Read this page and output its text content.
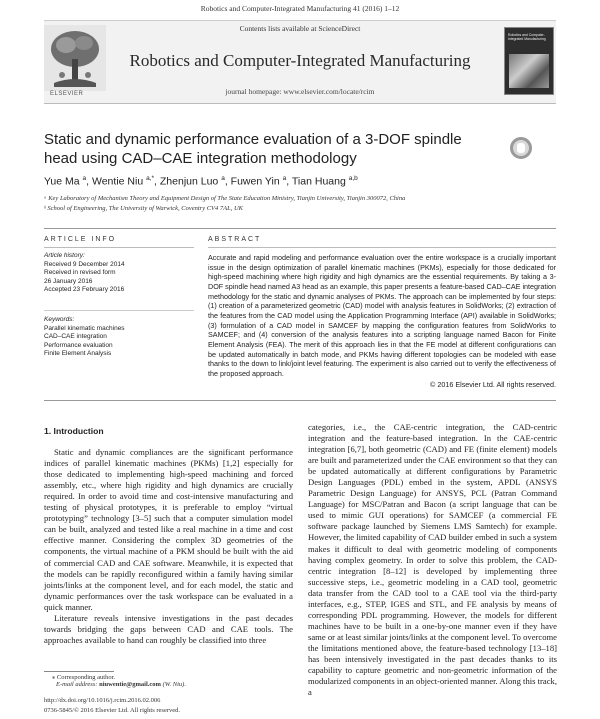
Robotics and Computer-Integrated Manufacturing 41 (2016) 1–12
ELSEVIER
Contents lists available at ScienceDirect
Robotics and Computer-Integrated Manufacturing
journal homepage: www.elsevier.com/locate/rcim
Robotics and Computer-Integrated Manufacturing
Static and dynamic performance evaluation of a 3-DOF spindle head using CAD–CAE integration methodology
Yue Ma $^a$, Wentie Niu $^{a,*}$, Zhenjun Luo $^a$, Fuwen Yin $^a$, Tian Huang $^{a,b}$
ᵃ Key Laboratory of Mechanism Theory and Equipment Design of The State Education Ministry, Tianjin University, Tianjin 300072, China
ᵇ School of Engineering, The University of Warwick, Coventry CV4 7AL, UK
ARTICLE INFO	ABSTRACT
Article history:
Received 9 December 2014
Received in revised form
26 January 2016
Accepted 23 February 2016
Keywords:
Parallel kinematic machines
CAD–CAE integration
Performance evaluation
Finite Element Analysis
Accurate and rapid modeling and performance evaluation over the entire workspace is a crucially important issue in the design optimization of parallel kinematic machines (PKMs), especially for those dedicated for high-speed machining where high rigidity and high dynamics are the essential requirements. By taking a 3-DOF spindle head named A3 head as an example, this paper presents a feature-based CAD–CAE integration methodology for the static and dynamic analyses of PKMs. The approach can be implemented by four steps: (1) creation of a parameterized geometric (CAD) model with analysis features in SolidWorks; (2) extraction of the features from the CAD model using the Application Programming Interface (API) available in SolidWorks; (3) formulation of a CAD model in SAMCEF by mapping the configuration features from SolidWorks to SAMCEF; and (4) conversion of the analysis features into a scripting language named Bacon for Finite Element Analysis (FEA). The merit of this approach lies in that the FE model at different configurations can be updated automatically in batch mode, and PKMs having different topologies can be modeled with ease thanks to the down to link/joint level featuring. The experiment is also carried out to verify the effectiveness of the proposed approach.
© 2016 Elsevier Ltd. All rights reserved.
1. Introduction

Static and dynamic compliances are the significant performance indices of parallel kinematic machines (PKMs) [1,2] especially for those dedicated to implementing high-speed machining and forced assembly, etc., where high rigidity and high dynamics are crucially required. In order to avoid time and cost-intensive manufacturing and testing of physical prototypes, it is preferable to employ “virtual prototyping” technology [3–5] such that a computer simulation model can be built, analyzed and tested like a real machine in a time and cost effective manner. Considering the complex 3D geometries of the components, the virtual machine of a PKM should be built with the aid of commercial CAD and CAE software. Meanwhile, it is expected that the models can be rapidly reconfigured within a family having similar joints/links at the component level, and for each model, the static and dynamic performances over the task workspace can be evaluated in a quick manner.

Literature reveals intensive investigations in the past decades towards bridging the gaps between CAD and CAE tools. The approaches available to hand can roughly be classified into three

categories, i.e., the CAE-centric integration, the CAD-centric integration and the feature-based integration. In the CAE-centric integration [6,7], both geometric (CAD) and FE (finite element) models are built and parameterized under the CAE environment so that they can be updated automatically at different configurations by Parametric Design Languages (PDL) embed in the system, APDL (ANSYS Parametric Design Language) for ANSYS, PCL (Patran Command Language) for MSC/Patran and Bacon (a script language that can be used to mimic GUI operations) for SAMCEF (a commercial FE software package launched by Siemens LMS Samtech) for example. However, the limited capability of CAD builder embed in such a system makes it difficult to deal with geometric modeling of components having complex geometry. In order to solve this problem, the CAD-centric integration [8–12] is developed by implementing three successive steps, i.e., geometric modeling in a CAD tool, geometric data transfer from the CAD tool to a CAE tool via the third-party interfaces, e.g., STEP, IGES and STL, and FE analysis by means of corresponding PDL programming. However, the models for different machines have to be built in a one-by-one manner even if they have same or at least similar joints/links at the component level. To overcome the limitations mentioned above, the feature-based technology [13–18] has been intensively investigated in the past decades thanks to its capability to capture geometric and non-geometric information of the modularized components in an object-oriented manner. Along this track, a

⁎ Corresponding author.
E-mail address: niuwentie@gmail.com (W. Niu).
http://dx.doi.org/10.1016/j.rcim.2016.02.006
0736-5845/© 2016 Elsevier Ltd. All rights reserved.
